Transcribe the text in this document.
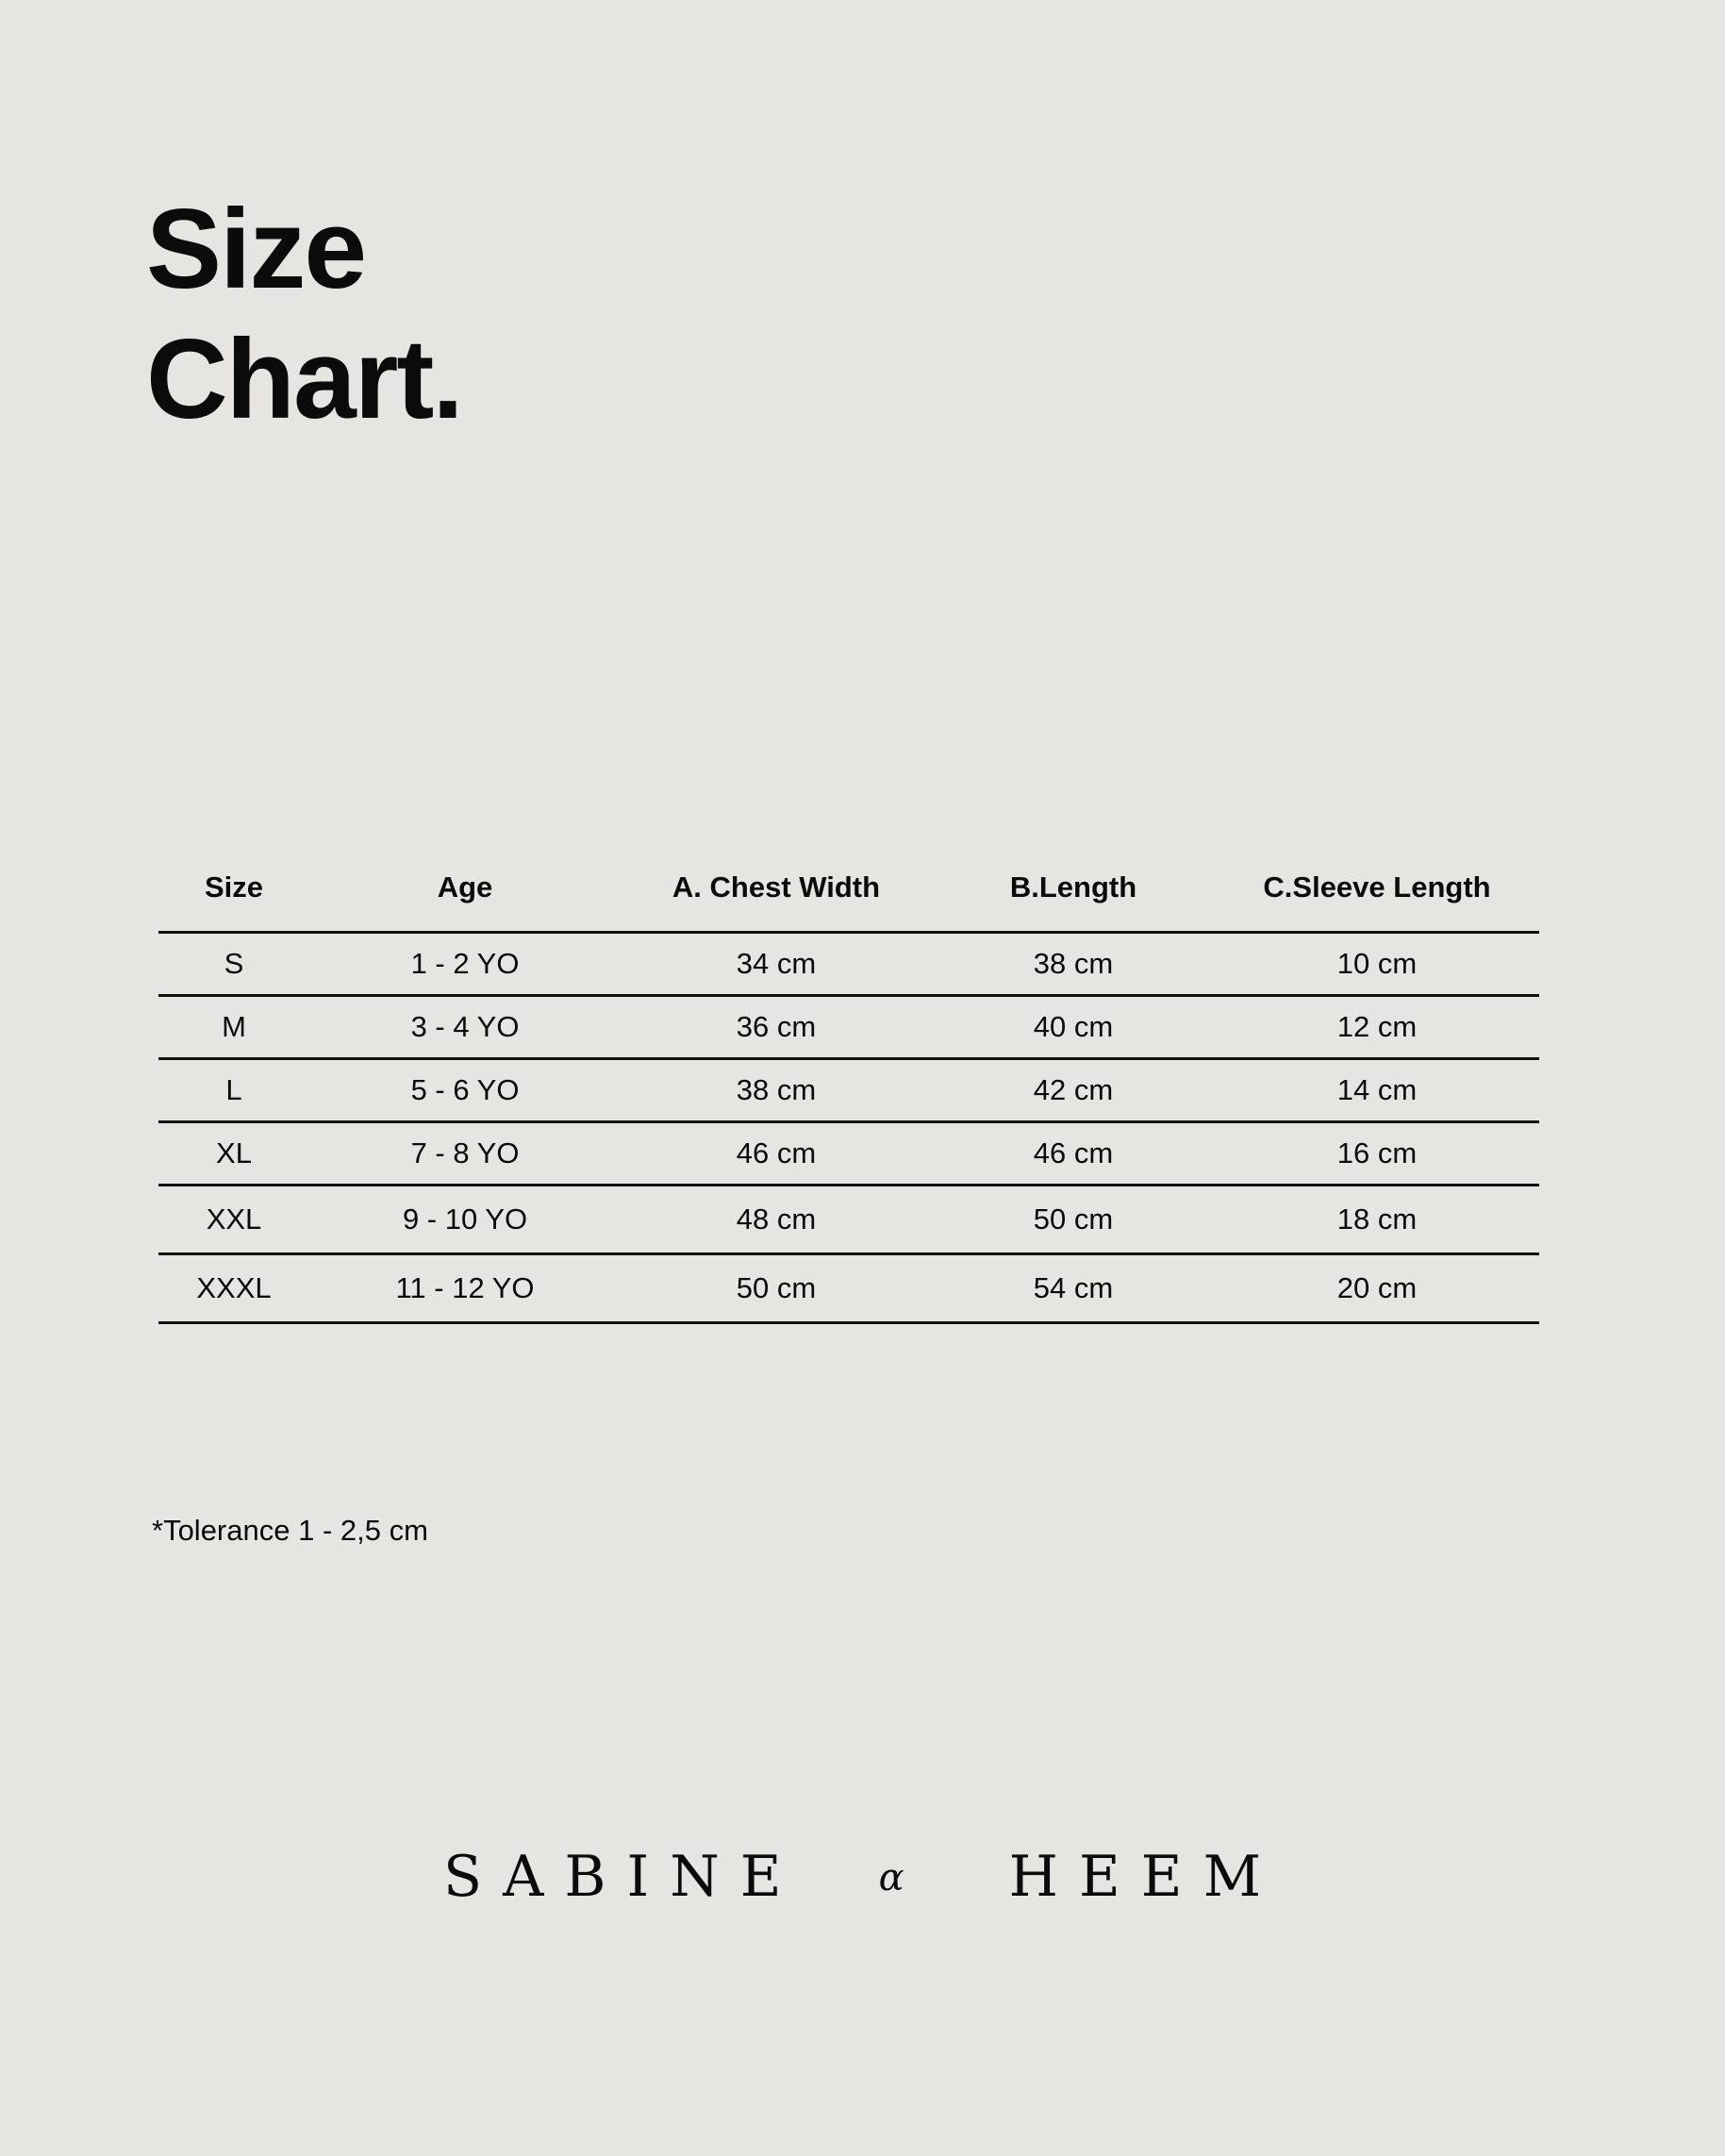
Size
Chart.
Size	Age	A. Chest Width	B.Length	C.Sleeve Length
S	1 - 2 YO	34 cm	38 cm	10 cm
M	3 - 4 YO	36 cm	40 cm	12 cm
L	5 - 6 YO	38 cm	42 cm	14 cm
XL	7 - 8 YO	46 cm	46 cm	16 cm
XXL	9 - 10 YO	48 cm	50 cm	18 cm
XXXL	11 - 12 YO	50 cm	54 cm	20 cm

*Tolerance 1 - 2,5 cm

SABINE α HEEM
